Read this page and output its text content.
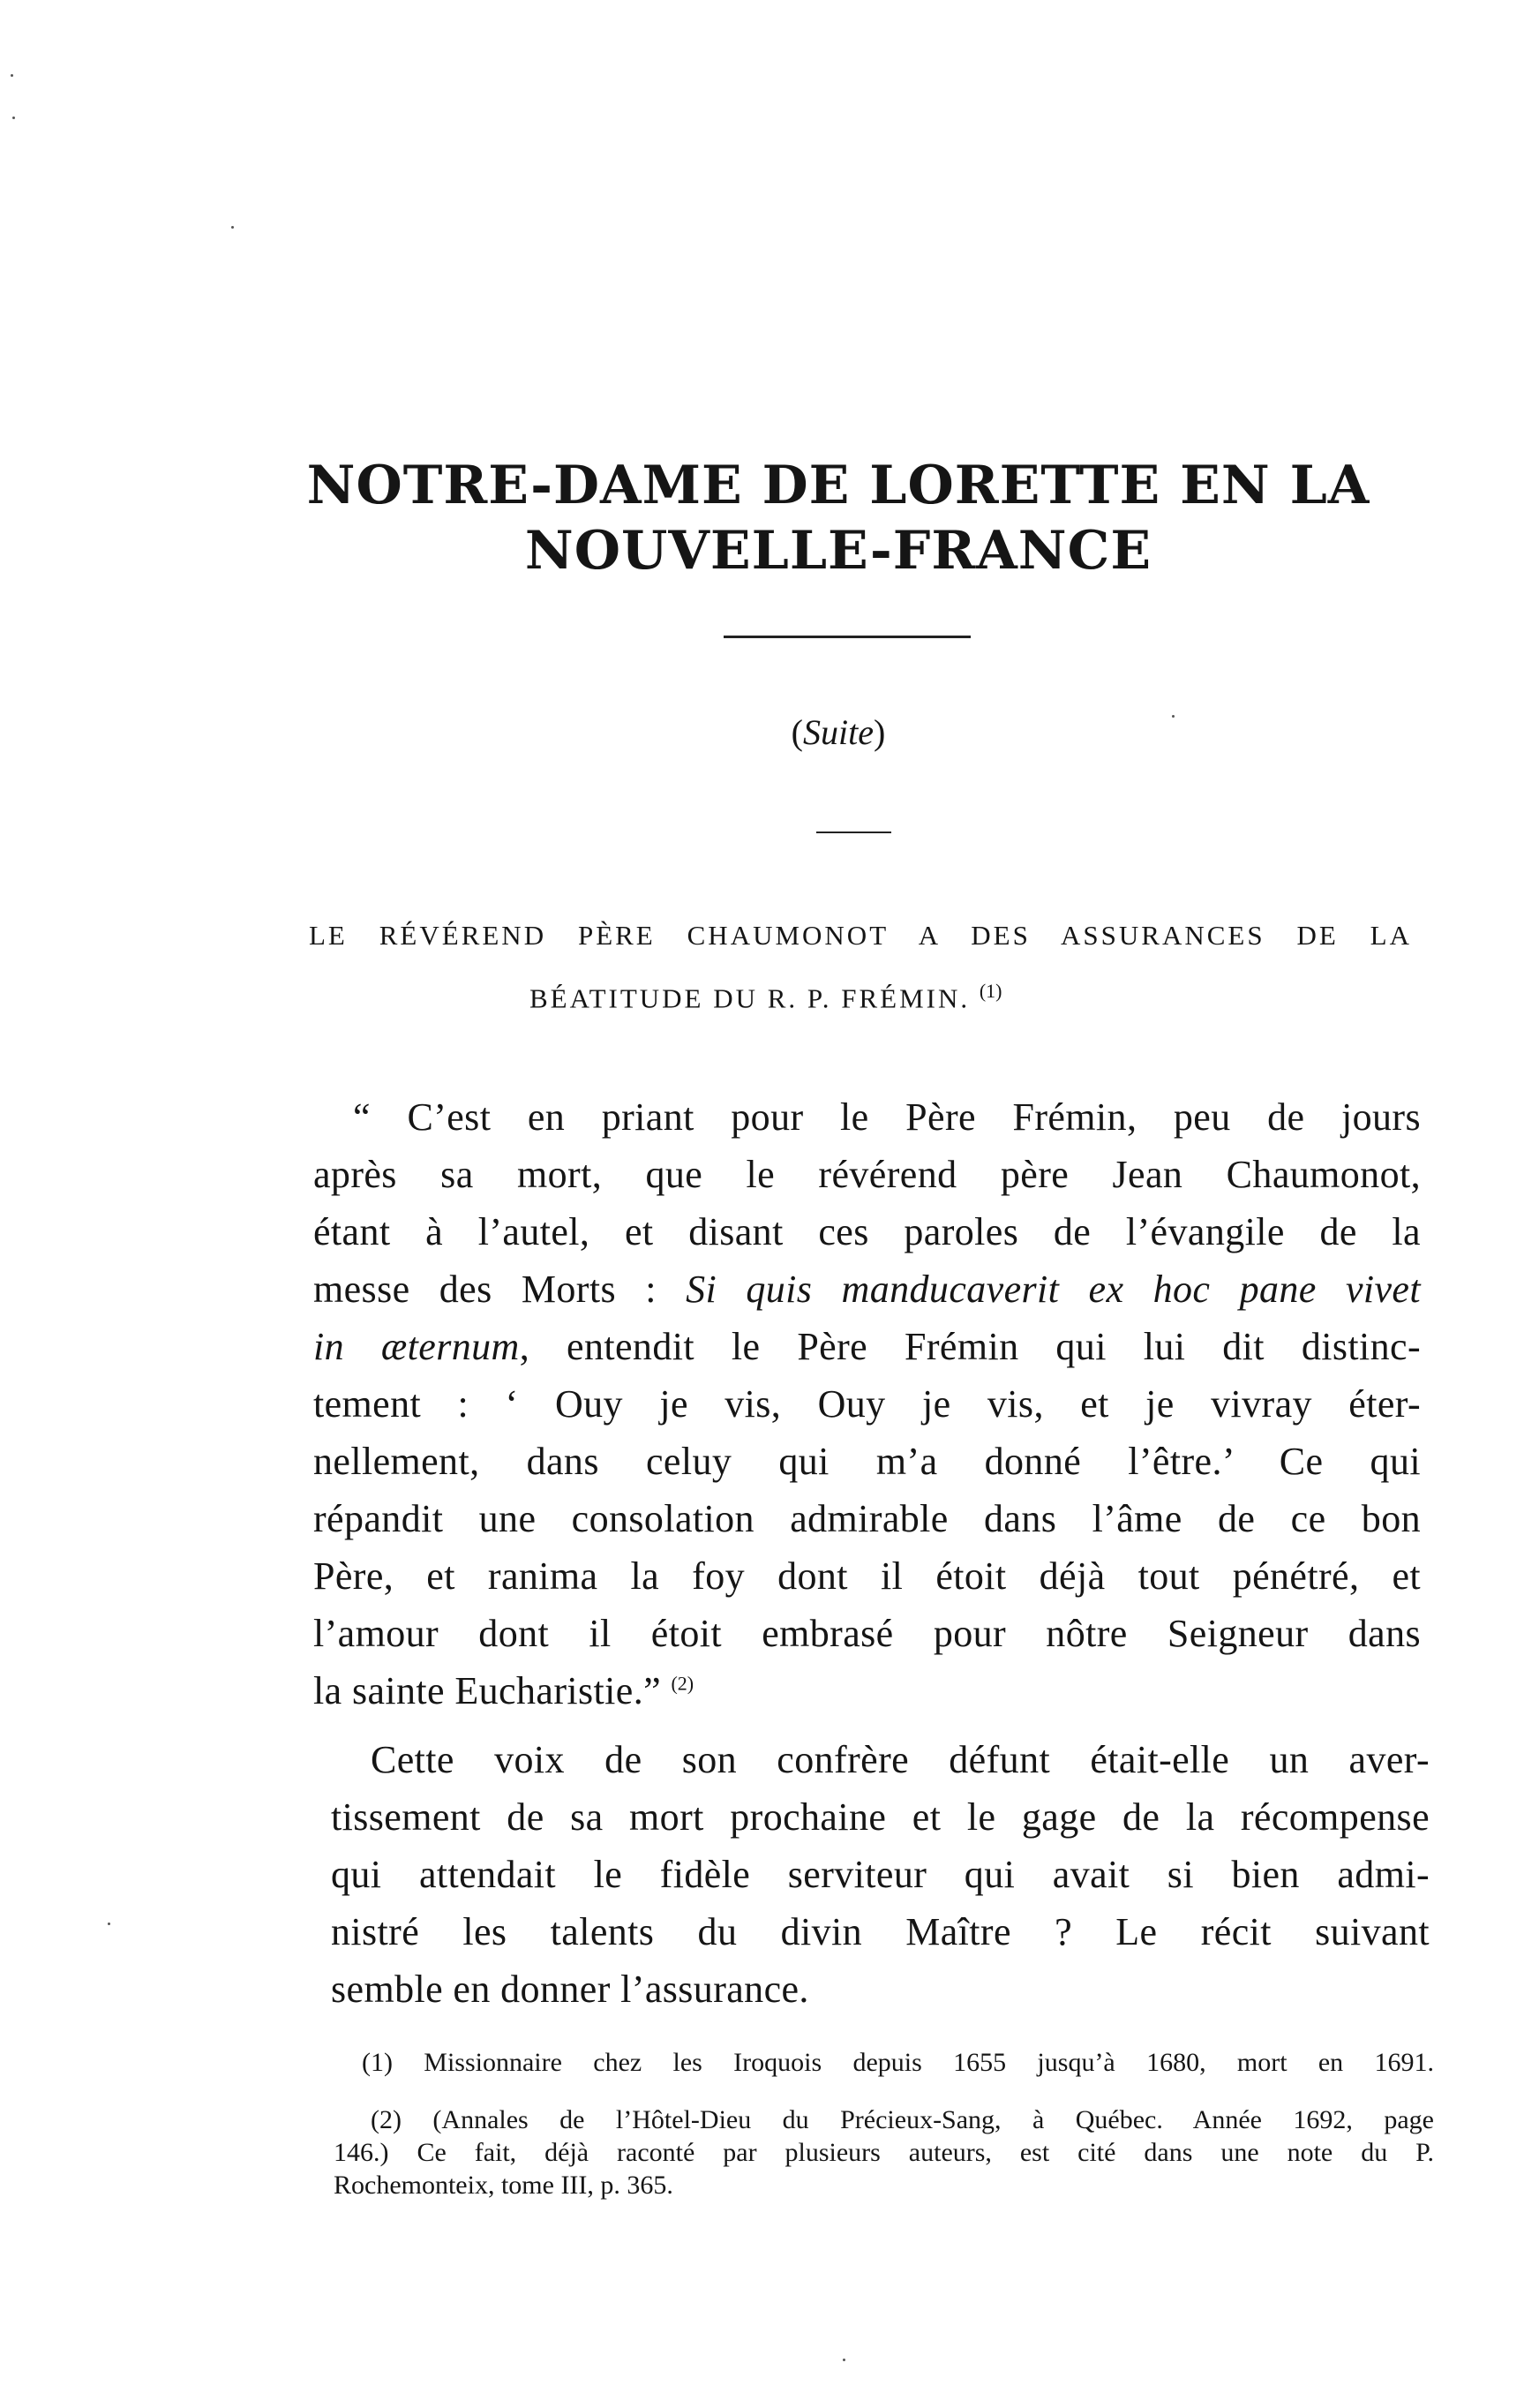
NOTRE-DAME DE LORETTE EN LA
NOUVELLE-FRANCE
(Suite)
LE RÉVÉREND PÈRE CHAUMONOT A DES ASSURANCES DE LA
BÉATITUDE DU R. P. FRÉMIN. $^{(1)}$
“ C’est en priant pour le Père Frémin, peu de jours
après sa mort, que le révérend père Jean Chaumonot,
étant à l’autel, et disant ces paroles de l’évangile de la
messe des Morts : Si quis manducaverit ex hoc pane vivet
in æternum, entendit le Père Frémin qui lui dit distinc-
tement : ‘ Ouy je vis, Ouy je vis, et je vivray éter-
nellement, dans celuy qui m’a donné l’être.’ Ce qui
répandit une consolation admirable dans l’âme de ce bon
Père, et ranima la foy dont il étoit déjà tout pénétré, et
l’amour dont il étoit embrasé pour nôtre Seigneur dans
la sainte Eucharistie.” $^{(2)}$
Cette voix de son confrère défunt était-elle un aver-
tissement de sa mort prochaine et le gage de la récompense
qui attendait le fidèle serviteur qui avait si bien admi-
nistré les talents du divin Maître ? Le récit suivant
semble en donner l’assurance.
(1) Missionnaire chez les Iroquois depuis 1655 jusqu’à 1680, mort en 1691.
(2) (Annales de l’Hôtel-Dieu du Précieux-Sang, à Québec. Année 1692, page
146.) Ce fait, déjà raconté par plusieurs auteurs, est cité dans une note du P.
Rochemonteix, tome III, p. 365.
